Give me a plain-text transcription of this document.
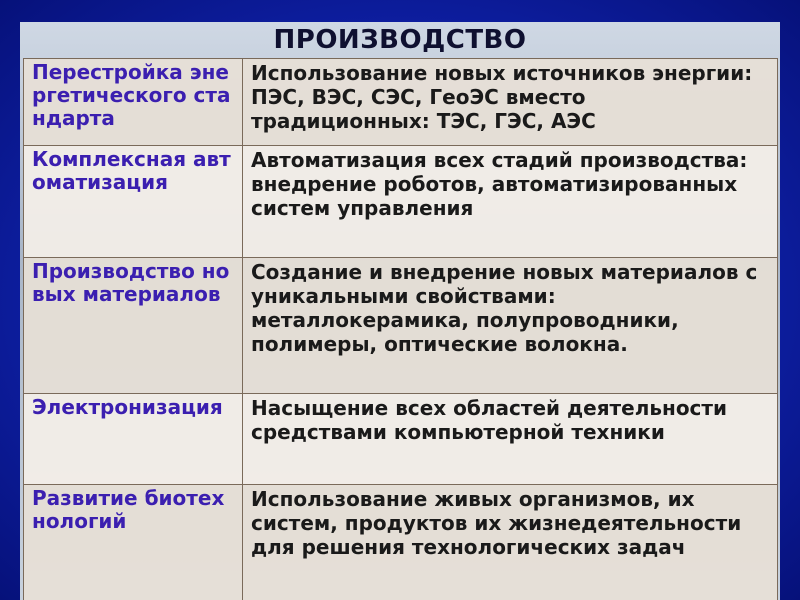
ПРОИЗВОДСТВО
Перестройка энергетического стандарта	Использование новых источников энергии: ПЭС, ВЭС, СЭС, ГеоЭС вместо традиционных: ТЭС, ГЭС, АЭС
Комплексная автоматизация	Автоматизация всех стадий производства: внедрение роботов, автоматизированных систем управления
Производство новых материалов	Создание и внедрение новых материалов с уникальными свойствами: металлокерамика, полупроводники, полимеры, оптические волокна.
Электронизация	Насыщение всех областей деятельности средствами компьютерной техники
Развитие биотехнологий	Использование живых организмов, их систем, продуктов их жизнедеятельности для решения технологических задач
